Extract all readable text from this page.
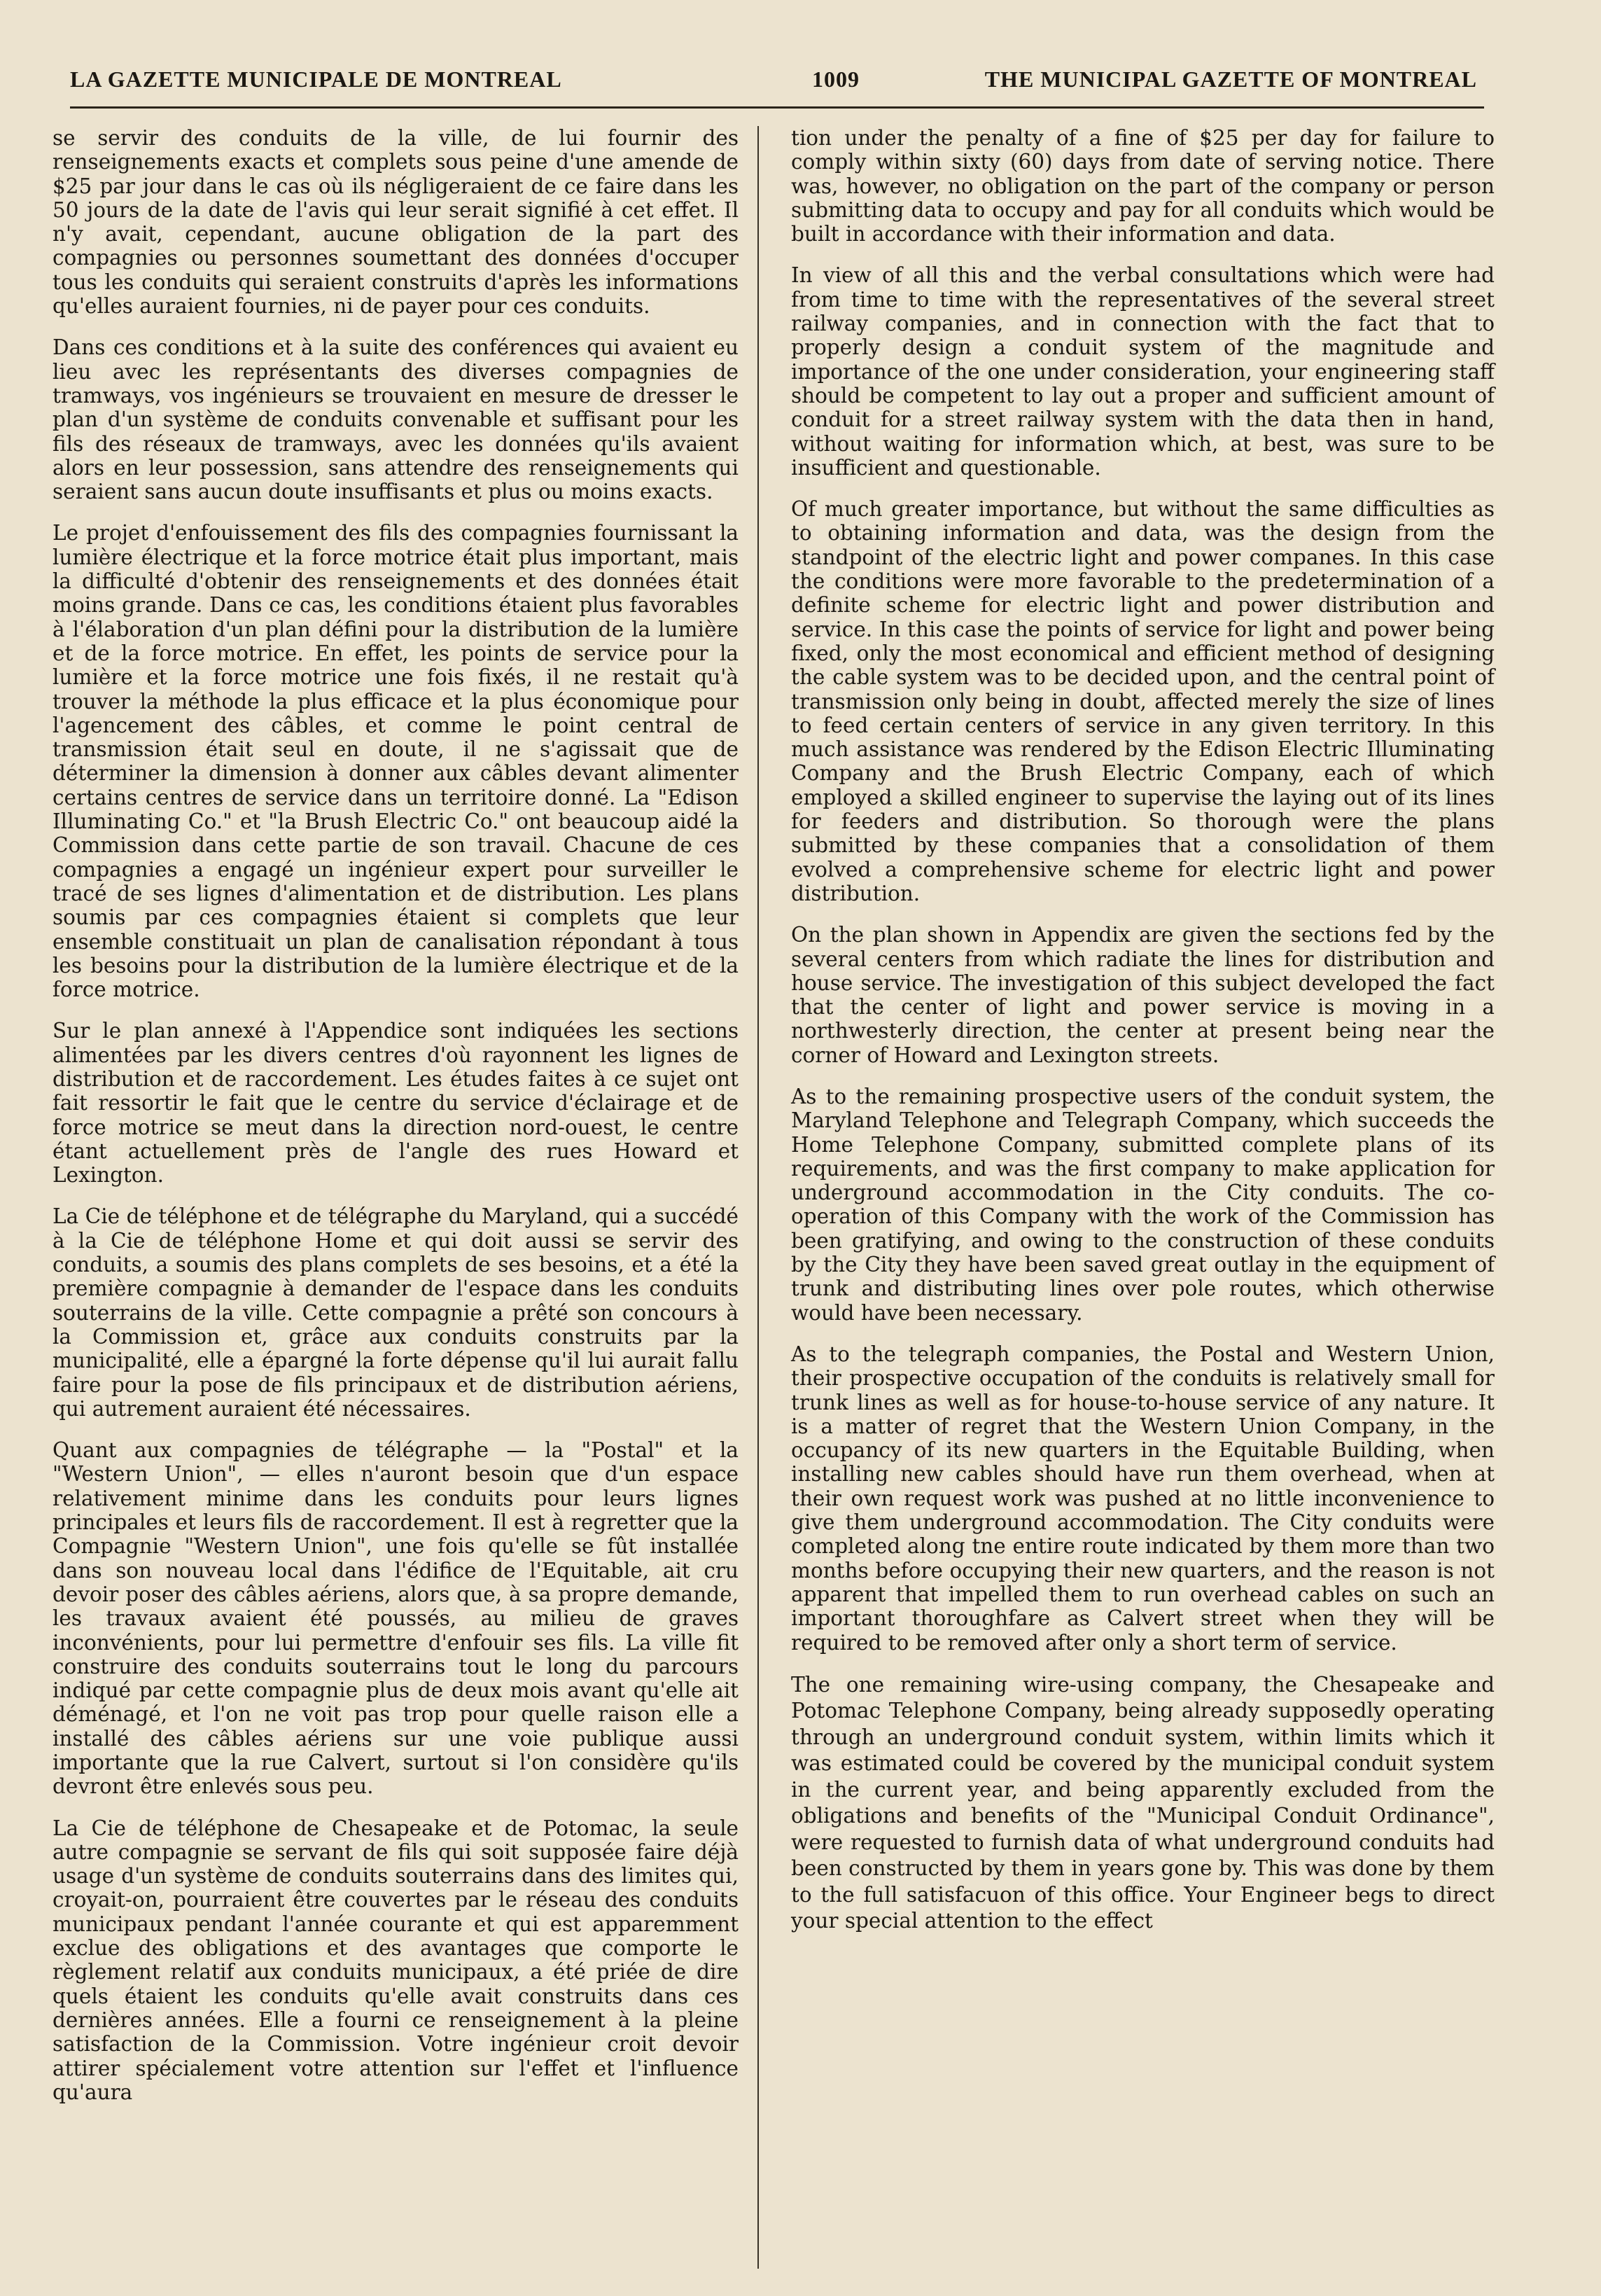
LA GAZETTE MUNICIPALE DE MONTREAL	1009	THE MUNICIPAL GAZETTE OF MONTREAL

se servir des conduits de la ville, de lui fournir des renseignements exacts et complets sous peine d'une amende de $25 par jour dans le cas où ils négligeraient de ce faire dans les 50 jours de la date de l'avis qui leur serait signifié à cet effet. Il n'y avait, cependant, aucune obligation de la part des compagnies ou personnes soumettant des données d'occuper tous les conduits qui seraient construits d'après les informations qu'elles auraient fournies, ni de payer pour ces conduits.

Dans ces conditions et à la suite des conférences qui avaient eu lieu avec les représentants des diverses compagnies de tramways, vos ingénieurs se trouvaient en mesure de dresser le plan d'un système de conduits convenable et suffisant pour les fils des réseaux de tramways, avec les données qu'ils avaient alors en leur possession, sans attendre des renseignements qui seraient sans aucun doute insuffisants et plus ou moins exacts.

Le projet d'enfouissement des fils des compagnies fournissant la lumière électrique et la force motrice était plus important, mais la difficulté d'obtenir des renseignements et des données était moins grande. Dans ce cas, les conditions étaient plus favorables à l'élaboration d'un plan défini pour la distribution de la lumière et de la force motrice. En effet, les points de service pour la lumière et la force motrice une fois fixés, il ne restait qu'à trouver la méthode la plus efficace et la plus économique pour l'agencement des câbles, et comme le point central de transmission était seul en doute, il ne s'agissait que de déterminer la dimension à donner aux câbles devant alimenter certains centres de service dans un territoire donné. La "Edison Illuminating Co." et "la Brush Electric Co." ont beaucoup aidé la Commission dans cette partie de son travail. Chacune de ces compagnies a engagé un ingénieur expert pour surveiller le tracé de ses lignes d'alimentation et de distribution. Les plans soumis par ces compagnies étaient si complets que leur ensemble constituait un plan de canalisation répondant à tous les besoins pour la distribution de la lumière électrique et de la force motrice.

Sur le plan annexé à l'Appendice sont indiquées les sections alimentées par les divers centres d'où rayonnent les lignes de distribution et de raccordement. Les études faites à ce sujet ont fait ressortir le fait que le centre du service d'éclairage et de force motrice se meut dans la direction nord-ouest, le centre étant actuellement près de l'angle des rues Howard et Lexington.

La Cie de téléphone et de télégraphe du Maryland, qui a succédé à la Cie de téléphone Home et qui doit aussi se servir des conduits, a soumis des plans complets de ses besoins, et a été la première compagnie à demander de l'espace dans les conduits souterrains de la ville. Cette compagnie a prêté son concours à la Commission et, grâce aux conduits construits par la municipalité, elle a épargné la forte dépense qu'il lui aurait fallu faire pour la pose de fils principaux et de distribution aériens, qui autrement auraient été nécessaires.

Quant aux compagnies de télégraphe — la "Postal" et la "Western Union", — elles n'auront besoin que d'un espace relativement minime dans les conduits pour leurs lignes principales et leurs fils de raccordement. Il est à regretter que la Compagnie "Western Union", une fois qu'elle se fût installée dans son nouveau local dans l'édifice de l'Equitable, ait cru devoir poser des câbles aériens, alors que, à sa propre demande, les travaux avaient été poussés, au milieu de graves inconvénients, pour lui permettre d'enfouir ses fils. La ville fit construire des conduits souterrains tout le long du parcours indiqué par cette compagnie plus de deux mois avant qu'elle ait déménagé, et l'on ne voit pas trop pour quelle raison elle a installé des câbles aériens sur une voie publique aussi importante que la rue Calvert, surtout si l'on considère qu'ils devront être enlevés sous peu.

La Cie de téléphone de Chesapeake et de Potomac, la seule autre compagnie se servant de fils qui soit supposée faire déjà usage d'un système de conduits souterrains dans des limites qui, croyait-on, pourraient être couvertes par le réseau des conduits municipaux pendant l'année courante et qui est apparemment exclue des obligations et des avantages que comporte le règlement relatif aux conduits municipaux, a été priée de dire quels étaient les conduits qu'elle avait construits dans ces dernières années. Elle a fourni ce renseignement à la pleine satisfaction de la Commission. Votre ingénieur croit devoir attirer spécialement votre attention sur l'effet et l'influence qu'aura

tion under the penalty of a fine of $25 per day for failure to comply within sixty (60) days from date of serving notice. There was, however, no obligation on the part of the company or person submitting data to occupy and pay for all conduits which would be built in accordance with their information and data.

In view of all this and the verbal consultations which were had from time to time with the representatives of the several street railway companies, and in connection with the fact that to properly design a conduit system of the magnitude and importance of the one under consideration, your engineering staff should be competent to lay out a proper and sufficient amount of conduit for a street railway system with the data then in hand, without waiting for information which, at best, was sure to be insufficient and questionable.

Of much greater importance, but without the same difficulties as to obtaining information and data, was the design from the standpoint of the electric light and power companes. In this case the conditions were more favorable to the predetermination of a definite scheme for electric light and power distribution and service. In this case the points of service for light and power being fixed, only the most economical and efficient method of designing the cable system was to be decided upon, and the central point of transmission only being in doubt, affected merely the size of lines to feed certain centers of service in any given territory. In this much assistance was rendered by the Edison Electric Illuminating Company and the Brush Electric Company, each of which employed a skilled engineer to supervise the laying out of its lines for feeders and distribution. So thorough were the plans submitted by these companies that a consolidation of them evolved a comprehensive scheme for electric light and power distribution.

On the plan shown in Appendix are given the sections fed by the several centers from which radiate the lines for distribution and house service. The investigation of this subject developed the fact that the center of light and power service is moving in a northwesterly direction, the center at present being near the corner of Howard and Lexington streets.

As to the remaining prospective users of the conduit system, the Maryland Telephone and Telegraph Company, which succeeds the Home Telephone Company, submitted complete plans of its requirements, and was the first company to make application for underground accommodation in the City conduits. The co-operation of this Company with the work of the Commission has been gratifying, and owing to the construction of these conduits by the City they have been saved great outlay in the equipment of trunk and distributing lines over pole routes, which otherwise would have been necessary.

As to the telegraph companies, the Postal and Western Union, their prospective occupation of the conduits is relatively small for trunk lines as well as for house-to-house service of any nature. It is a matter of regret that the Western Union Company, in the occupancy of its new quarters in the Equitable Building, when installing new cables should have run them overhead, when at their own request work was pushed at no little inconvenience to give them underground accommodation. The City conduits were completed along tne entire route indicated by them more than two months before occupying their new quarters, and the reason is not apparent that impelled them to run overhead cables on such an important thoroughfare as Calvert street when they will be required to be removed after only a short term of service.

The one remaining wire-using company, the Chesapeake and Potomac Telephone Company, being already supposedly operating through an underground conduit system, within limits which it was estimated could be covered by the municipal conduit system in the current year, and being apparently excluded from the obligations and benefits of the "Municipal Conduit Ordinance", were requested to furnish data of what underground conduits had been constructed by them in years gone by. This was done by them to the full satisfacuon of this office. Your Engineer begs to direct your special attention to the effect
